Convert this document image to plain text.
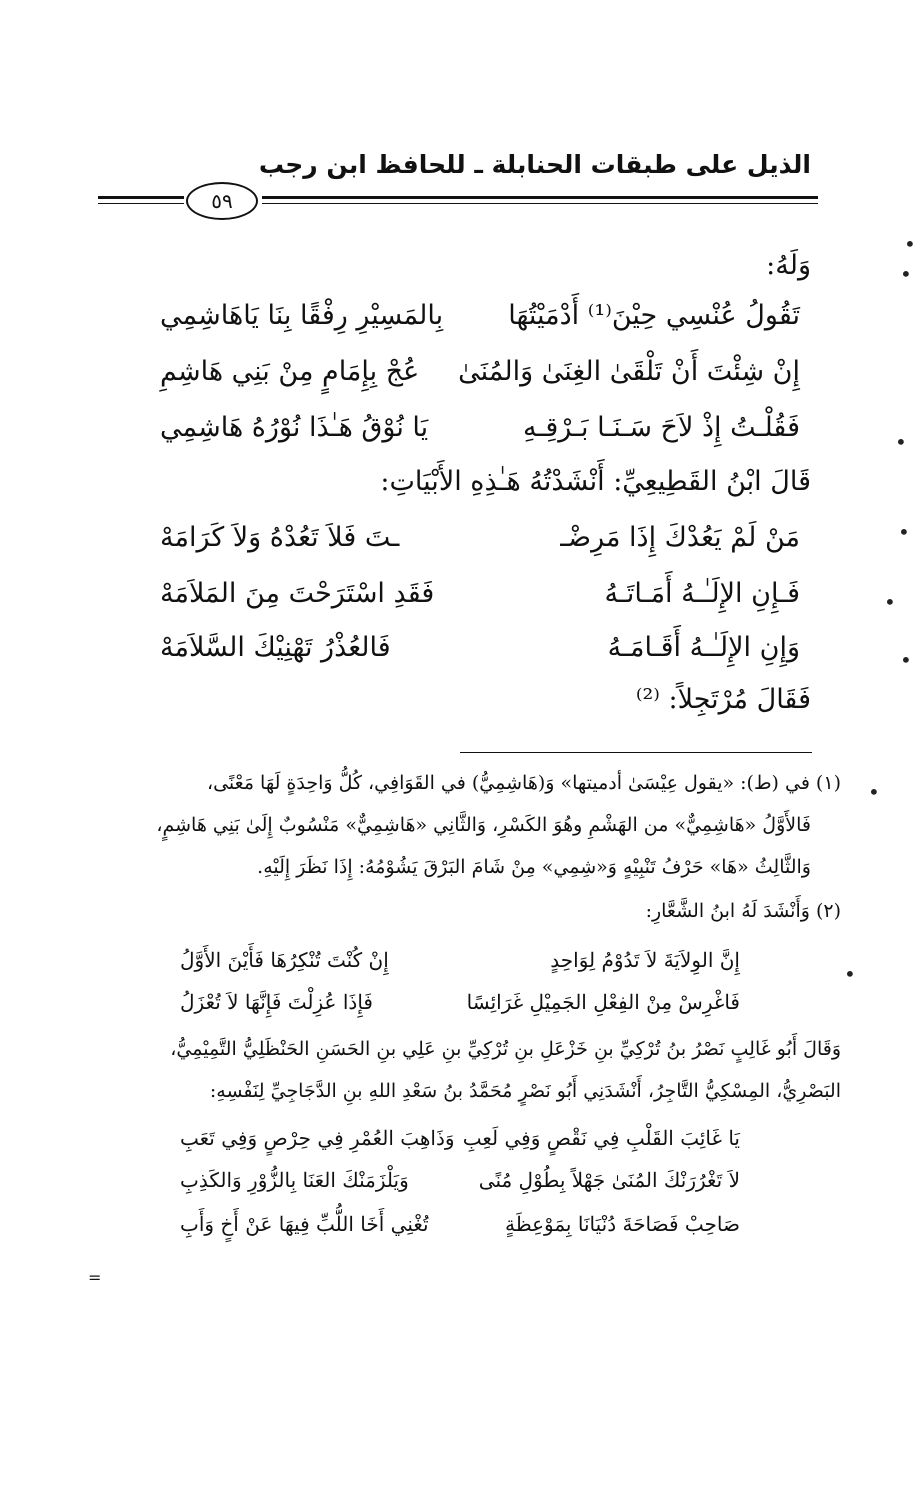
الذيل على طبقات الحنابلة ـ للحافظ ابن رجب
٥٩
وَلَهُ:
تَقُولُ عُنْسِي حِيْنَ⁽¹⁾ أَدْمَيْتُهَا
بِالمَسِيْرِ رِفْقًا بِنَا يَاهَاشِمِي
إِنْ شِئْتَ أَنْ تَلْقَىٰ الغِنَىٰ وَالمُنَىٰ
عُجْ بِإِمَامٍ مِنْ بَنِي هَاشِمِ
فَقُلْـتُ إِذْ لاَحَ سَـنَـا بَـرْقِـهِ
يَا نُوْقُ هَـٰذَا نُوْرُهُ هَاشِمِي
قَالَ ابْنُ القَطِيعِيِّ: أَنْشَدْتُهُ هَـٰذِهِ الأَبْيَاتِ:
مَنْ لَمْ يَعُدْكَ إِذَا مَرِضْـ
ـتَ فَلاَ تَعُدْهُ وَلاَ كَرَامَهْ
فَـإِنِ الإِلَـٰـهُ أَمَـاتَـهُ
فَقَدِ اسْتَرَحْتَ مِنَ المَلاَمَهْ
وَإِنِ الإِلَـٰـهُ أَقَـامَـهُ
فَالعُذْرُ تَهْنِيْكَ السَّلاَمَهْ
فَقَالَ مُرْتَجِلاً: ⁽²⁾
(١) في (ط): «يقول عِيْسَىٰ أدميتها» وَ(هَاشِمِيُّ) في القَوَافِي، كُلُّ وَاحِدَةٍ لَهَا مَعْنًى،
فَالأَوَّلُ «هَاشِمِيٌّ» من الهَشْمِ وهُوَ الكَسْرِ، وَالثَّانِي «هَاشِمِيٌّ» مَنْسُوبٌ إِلَىٰ بَنِي هَاشِمٍ،
وَالثَّالِثُ «هَا» حَرْفُ تَنْبِيْهٍ وَ«شِمِي» مِنْ شَامَ البَرْقَ يَشُوْمُهُ: إِذَا نَظَرَ إِلَيْهِ.
(٢) وَأَنْشَدَ لَهُ ابنُ الشَّعَّارِ:
إِنَّ الوِلاَيَةَ لاَ تَدُوْمُ لِوَاحِدٍ
إِنْ كُنْتَ تُنْكِرُهَا فَأَيْنَ الأَوَّلُ
فَاغْرِسْ مِنْ الفِعْلِ الجَمِيْلِ غَرَائِسًا
فَإِذَا عُزِلْتَ فَإِنَّهَا لاَ تُعْزَلُ
وَقَالَ أَبُو غَالِبٍ نَصْرُ بنُ تُرْكِيِّ بنِ خَزْعَلِ بنِ تُرْكِيِّ بنِ عَلِي بنِ الحَسَنِ الحَنْظَلِيُّ التَّمِيْمِيُّ،
البَصْرِيُّ، المِسْكِيُّ التَّاجِرُ، أَنْشَدَنِي أَبُو نَصْرٍ مُحَمَّدُ بنُ سَعْدِ اللهِ بنِ الدَّجَاجِيِّ لِنَفْسِهِ:
يَا غَائِبَ القَلْبِ فِي نَقْصٍ وَفِي لَعِبِ
وَذَاهِبَ العُمْرِ فِي حِرْصٍ وَفِي تَعَبِ
لاَ تَغْرُرَنْكَ المُنَىٰ جَهْلاً بِطُوْلِ مُنًى
وَيَلْزَمَنْكَ العَنَا بِالزُّوْرِ وَالكَذِبِ
صَاحِبْ فَصَاحَةَ دُنْيَانَا بِمَوْعِظَةٍ
تُغْنِي أَخَا اللُّبِّ فِيهَا عَنْ أَخٍ وَأَبِ
=
•
•
•
•
•
•
•
•
